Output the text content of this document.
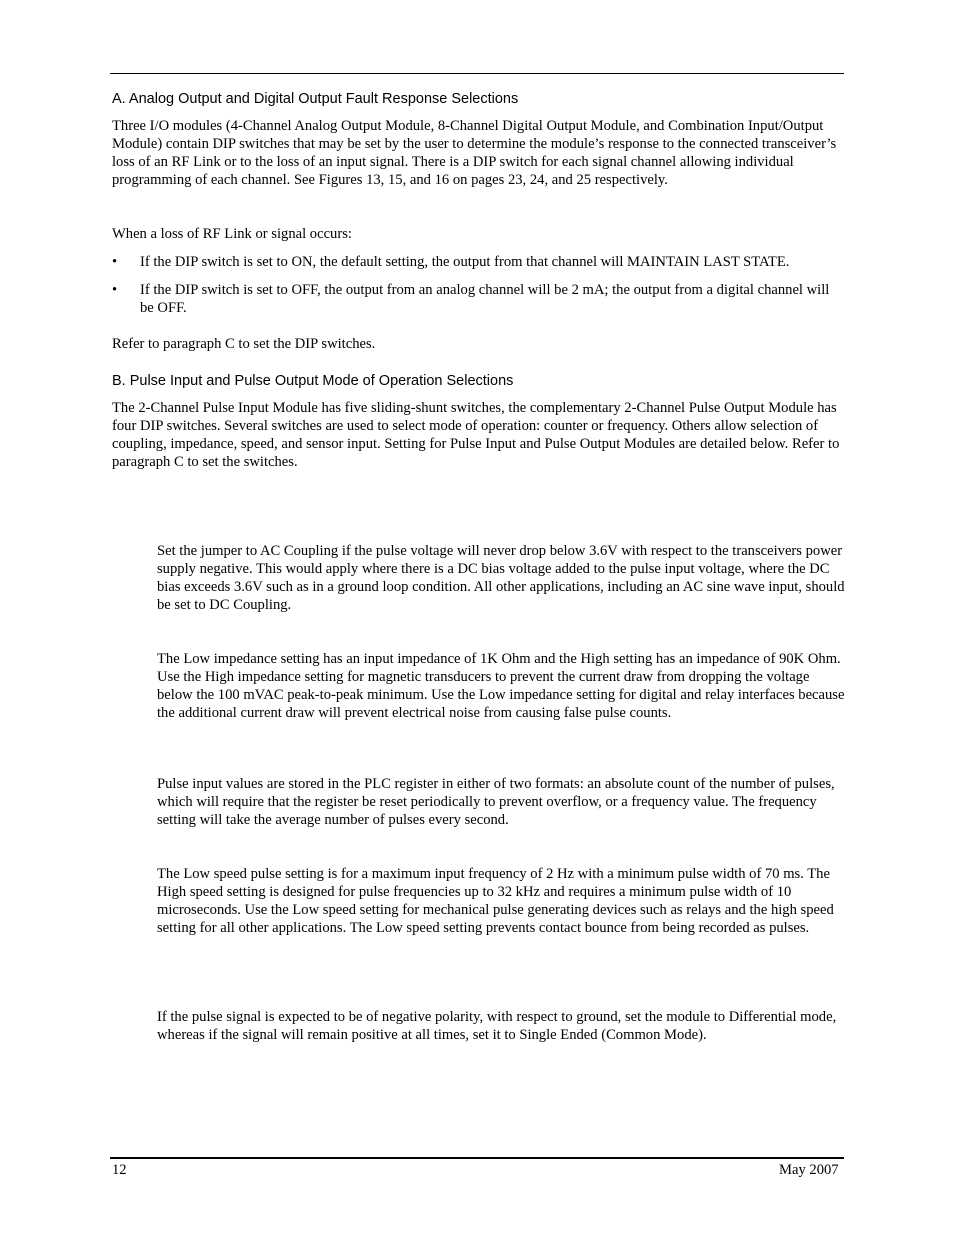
A. Analog Output and Digital Output Fault Response Selections
Three I/O modules (4-Channel Analog Output Module, 8-Channel Digital Output Module, and Combination Input/Output Module) contain DIP switches that may be set by the user to determine the module’s response to the connected transceiver’s loss of an RF Link or to the loss of an input signal. There is a DIP switch for each signal channel allowing individual programming of each channel. See Figures 13, 15, and 16 on pages 23, 24, and 25 respectively.
When a loss of RF Link or signal occurs:
• If the DIP switch is set to ON, the default setting, the output from that channel will MAINTAIN LAST STATE.
• If the DIP switch is set to OFF, the output from an analog channel will be 2 mA; the output from a digital channel will be OFF.
Refer to paragraph C to set the DIP switches.
B. Pulse Input and Pulse Output Mode of Operation Selections
The 2-Channel Pulse Input Module has five sliding-shunt switches, the complementary 2-Channel Pulse Output Module has four DIP switches. Several switches are used to select mode of operation: counter or frequency. Others allow selection of coupling, impedance, speed, and sensor input. Setting for Pulse Input and Pulse Output Modules are detailed below. Refer to paragraph C to set the switches.
Set the jumper to AC Coupling if the pulse voltage will never drop below 3.6V with respect to the transceivers power supply negative. This would apply where there is a DC bias voltage added to the pulse input voltage, where the DC bias exceeds 3.6V such as in a ground loop condition. All other applications, including an AC sine wave input, should be set to DC Coupling.
The Low impedance setting has an input impedance of 1K Ohm and the High setting has an impedance of 90K Ohm. Use the High impedance setting for magnetic transducers to prevent the current draw from dropping the voltage below the 100 mVAC peak-to-peak minimum. Use the Low impedance setting for digital and relay interfaces because the additional current draw will prevent electrical noise from causing false pulse counts.
Pulse input values are stored in the PLC register in either of two formats: an absolute count of the number of pulses, which will require that the register be reset periodically to prevent overflow, or a frequency value. The frequency setting will take the average number of pulses every second.
The Low speed pulse setting is for a maximum input frequency of 2 Hz with a minimum pulse width of 70 ms. The High speed setting is designed for pulse frequencies up to 32 kHz and requires a minimum pulse width of 10 microseconds. Use the Low speed setting for mechanical pulse generating devices such as relays and the high speed setting for all other applications. The Low speed setting prevents contact bounce from being recorded as pulses.
If the pulse signal is expected to be of negative polarity, with respect to ground, set the module to Differential mode, whereas if the signal will remain positive at all times, set it to Single Ended (Common Mode).
12	May 2007
